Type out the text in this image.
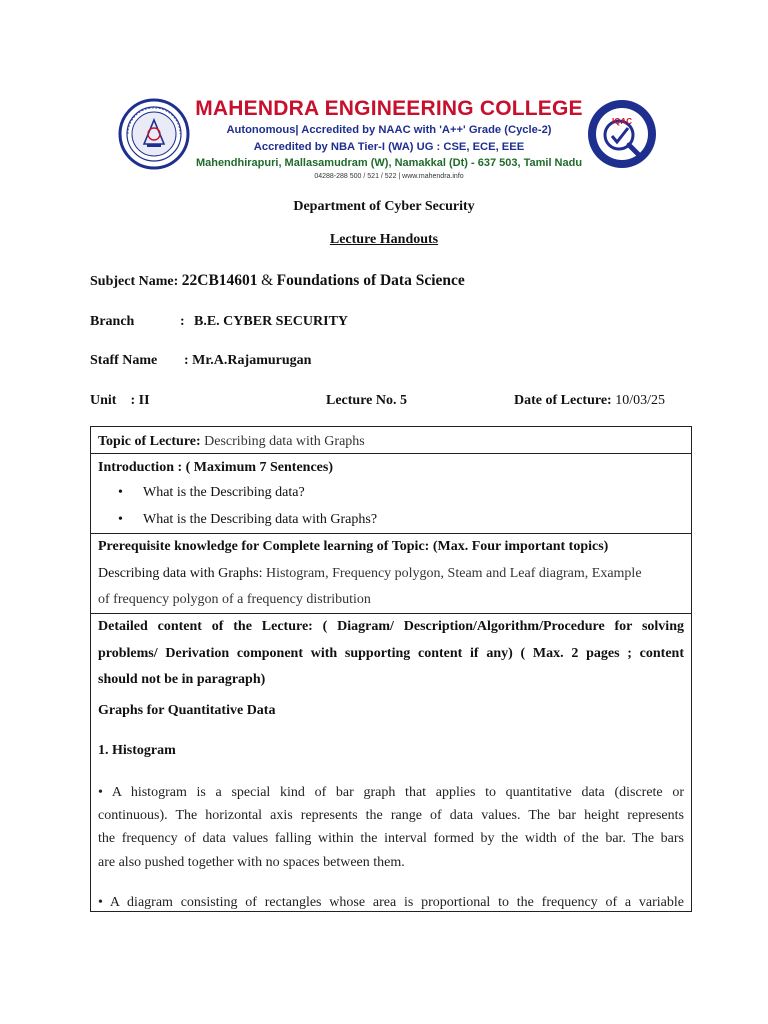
MAHENDRA ENGINEERING COLLEGE
Autonomous| Accredited by NAAC with 'A++' Grade (Cycle-2)
Accredited by NBA Tier-I (WA) UG : CSE, ECE, EEE
Mahendhirapuri, Mallasamudram (W), Namakkal (Dt) - 637 503, Tamil Nadu
04288-288 500 / 521 / 522 | www.mahendra.info
IQAC
Department of Cyber Security
Lecture Handouts
Subject Name: 22CB14601 & Foundations of Data Science
Branch	: B.E. CYBER SECURITY
Staff Name : Mr.A.Rajamurugan
Unit : II	Lecture No. 5	Date of Lecture: 10/03/25
Topic of Lecture: Describing data with Graphs
Introduction : ( Maximum 7 Sentences)
• What is the Describing data?
• What is the Describing data with Graphs?
Prerequisite knowledge for Complete learning of Topic: (Max. Four important topics)
Describing data with Graphs: Histogram, Frequency polygon, Steam and Leaf diagram, Example
of frequency polygon of a frequency distribution
Detailed content of the Lecture: ( Diagram/ Description/Algorithm/Procedure for solving
problems/ Derivation component with supporting content if any) ( Max. 2 pages ; content
should not be in paragraph)
Graphs for Quantitative Data
1. Histogram
• A histogram is a special kind of bar graph that applies to quantitative data (discrete or
continuous). The horizontal axis represents the range of data values. The bar height represents
the frequency of data values falling within the interval formed by the width of the bar. The bars
are also pushed together with no spaces between them.
• A diagram consisting of rectangles whose area is proportional to the frequency of a variable
